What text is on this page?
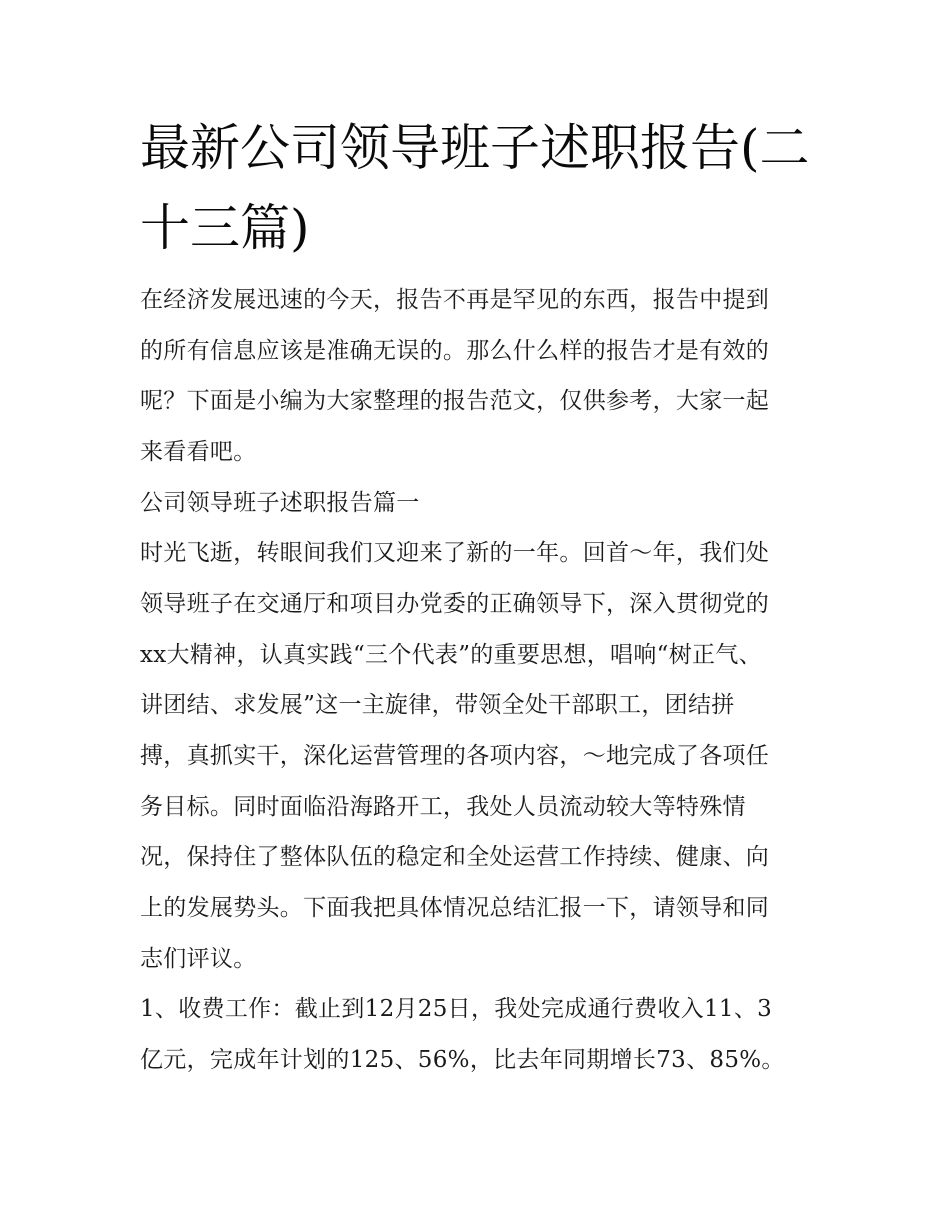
最新公司领导班子述职报告(二
十三篇)
在经济发展迅速的今天，报告不再是罕见的东西，报告中提到
的所有信息应该是准确无误的。那么什么样的报告才是有效的
呢？下面是小编为大家整理的报告范文，仅供参考，大家一起
来看看吧。
公司领导班子述职报告篇一
时光飞逝，转眼间我们又迎来了新的一年。回首～年，我们处
领导班子在交通厅和项目办党委的正确领导下，深入贯彻党的
xx大精神，认真实践“三个代表”的重要思想，唱响“树正气、
讲团结、求发展”这一主旋律，带领全处干部职工，团结拼
搏，真抓实干，深化运营管理的各项内容，～地完成了各项任
务目标。同时面临沿海路开工，我处人员流动较大等特殊情
况，保持住了整体队伍的稳定和全处运营工作持续、健康、向
上的发展势头。下面我把具体情况总结汇报一下，请领导和同
志们评议。
1、收费工作：截止到12月25日，我处完成通行费收入11、3
亿元，完成年计划的125、56%，比去年同期增长73、85%。
